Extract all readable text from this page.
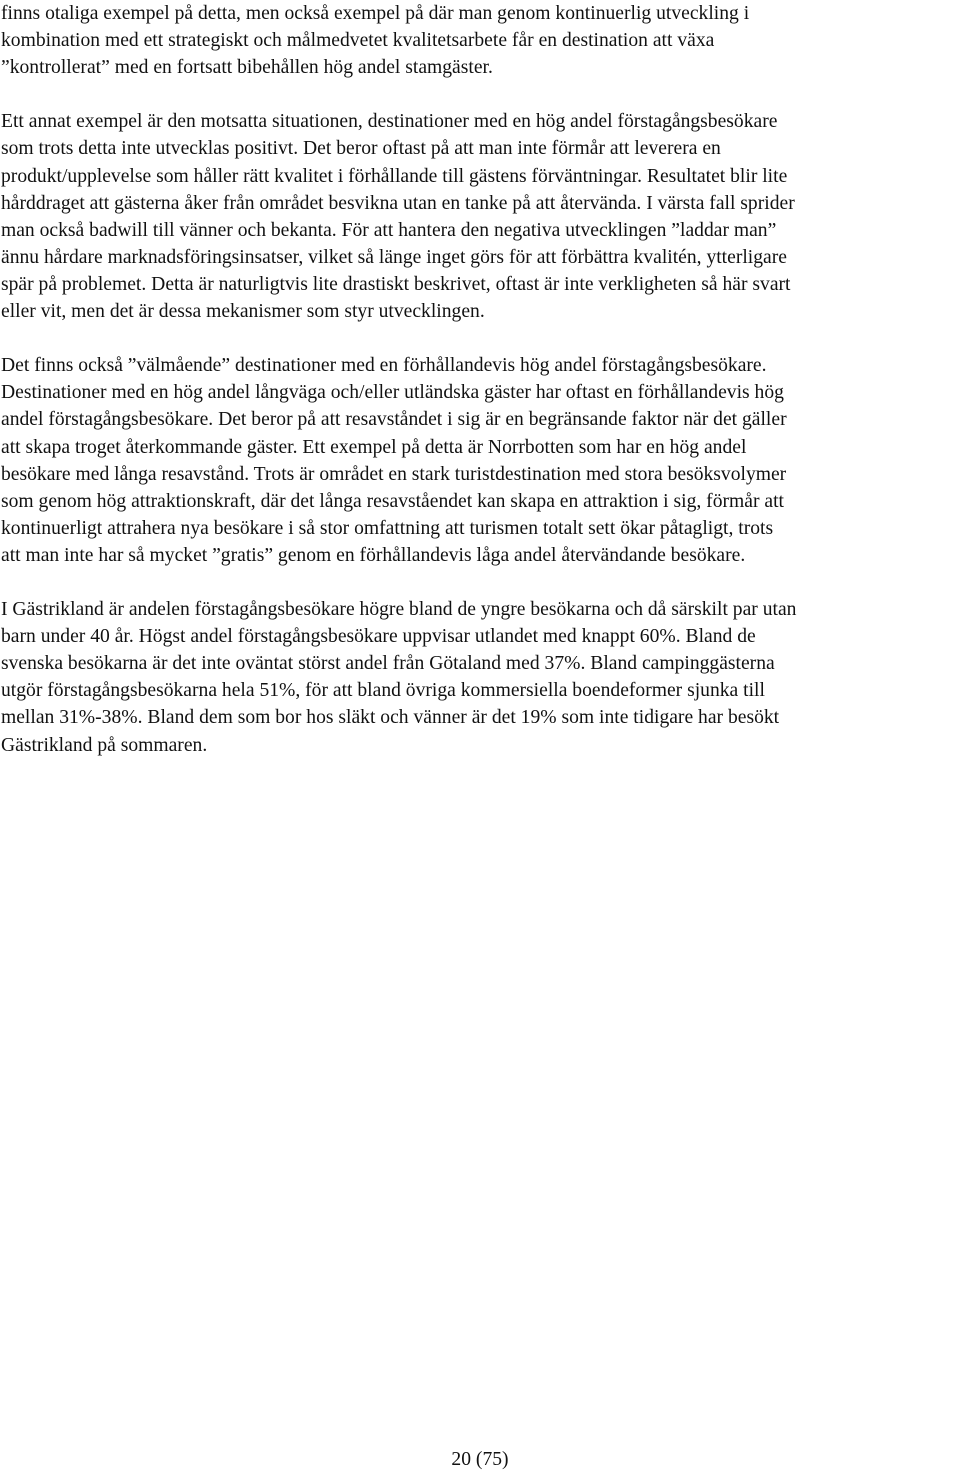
finns otaliga exempel på detta, men också exempel på där man genom kontinuerlig utveckling i
kombination med ett strategiskt och målmedvetet kvalitetsarbete får en destination att växa
”kontrollerat” med en fortsatt bibehållen hög andel stamgäster.
Ett annat exempel är den motsatta situationen, destinationer med en hög andel förstagångsbesökare
som trots detta inte utvecklas positivt. Det beror oftast på att man inte förmår att leverera en
produkt/upplevelse som håller rätt kvalitet i förhållande till gästens förväntningar. Resultatet blir lite
hårddraget att gästerna åker från området besvikna utan en tanke på att återvända. I värsta fall sprider
man också badwill till vänner och bekanta. För att hantera den negativa utvecklingen ”laddar man”
ännu hårdare marknadsföringsinsatser, vilket så länge inget görs för att förbättra kvalitén, ytterligare
spär på problemet. Detta är naturligtvis lite drastiskt beskrivet, oftast är inte verkligheten så här svart
eller vit, men det är dessa mekanismer som styr utvecklingen.
Det finns också ”välmående” destinationer med en förhållandevis hög andel förstagångsbesökare.
Destinationer med en hög andel långväga och/eller utländska gäster har oftast en förhållandevis hög
andel förstagångsbesökare. Det beror på att resavståndet i sig är en begränsande faktor när det gäller
att skapa troget återkommande gäster. Ett exempel på detta är Norrbotten som har en hög andel
besökare med långa resavstånd. Trots är området en stark turistdestination med stora besöksvolymer
som genom hög attraktionskraft, där det långa resavståendet kan skapa en attraktion i sig, förmår att
kontinuerligt attrahera nya besökare i så stor omfattning att turismen totalt sett ökar påtagligt, trots
att man inte har så mycket ”gratis” genom en förhållandevis låga andel återvändande besökare.
I Gästrikland är andelen förstagångsbesökare högre bland de yngre besökarna och då särskilt par utan
barn under 40 år. Högst andel förstagångsbesökare uppvisar utlandet med knappt 60%. Bland de
svenska besökarna är det inte oväntat störst andel från Götaland med 37%. Bland campinggästerna
utgör förstagångsbesökarna hela 51%, för att bland övriga kommersiella boendeformer sjunka till
mellan 31%-38%. Bland dem som bor hos släkt och vänner är det 19% som inte tidigare har besökt
Gästrikland på sommaren.
20 (75)
